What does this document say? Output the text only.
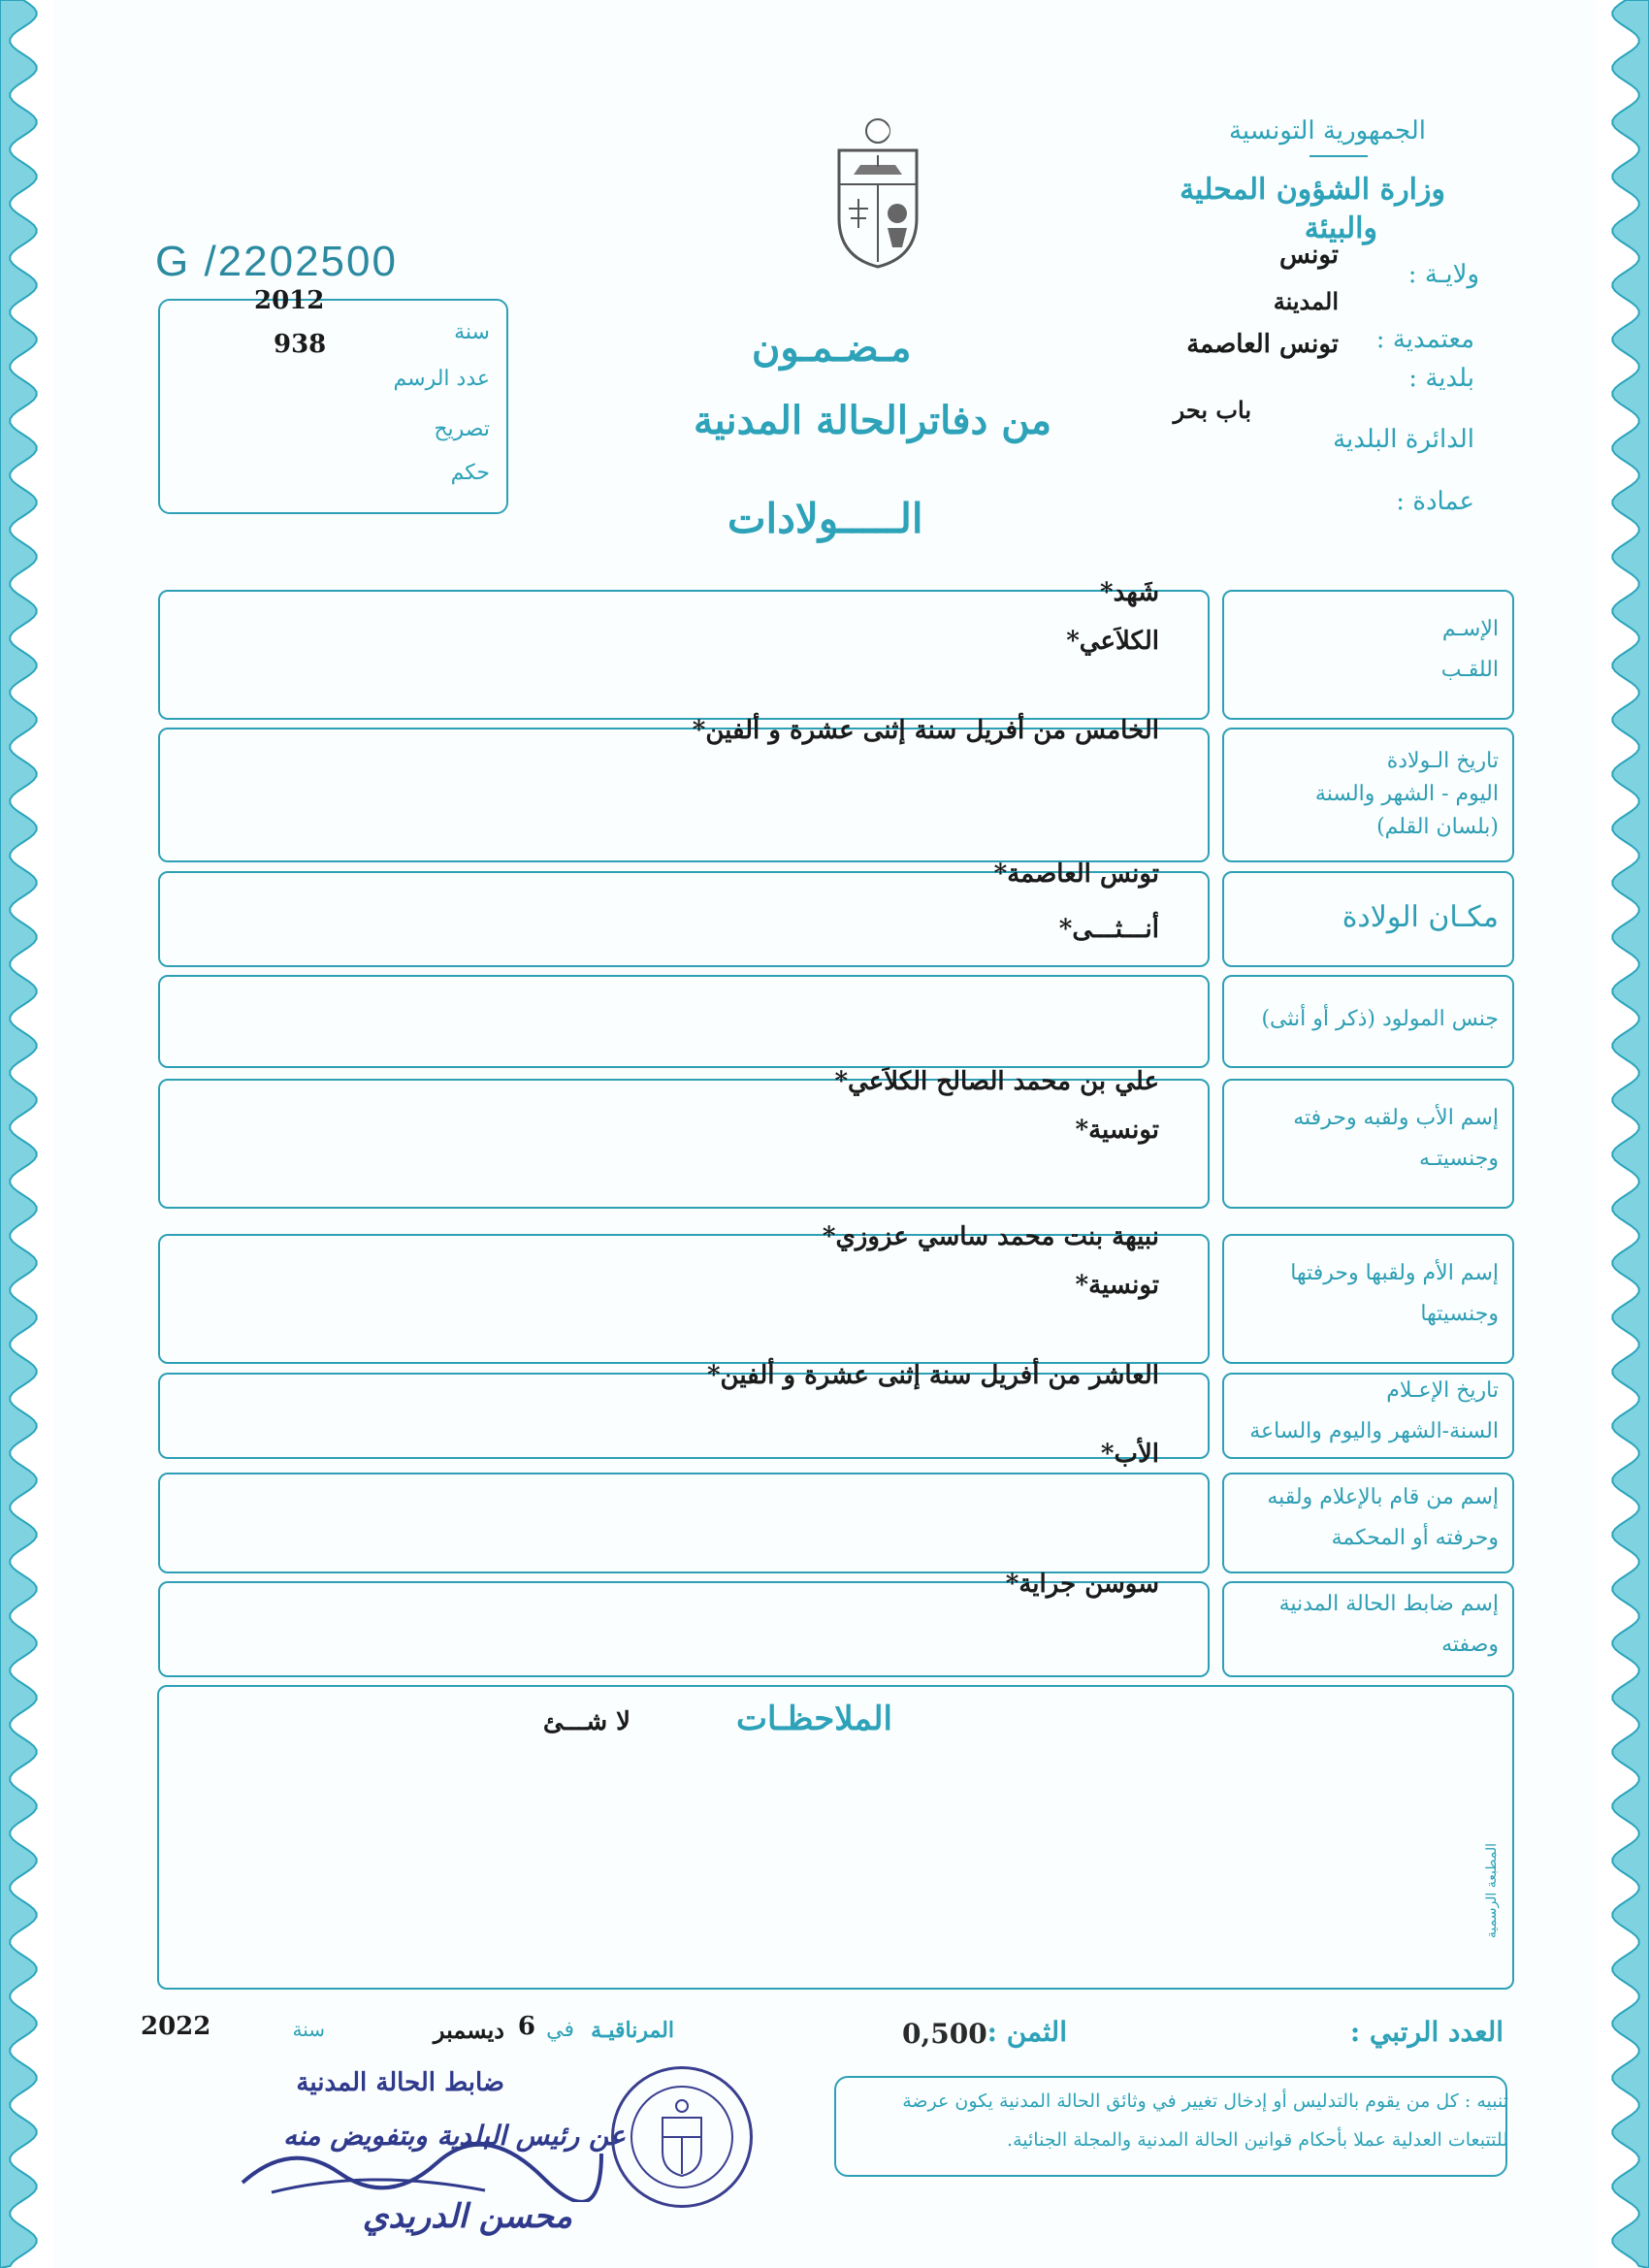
الجمهورية التونسية
وزارة الشؤون المحلية
والبيئة
ولايـة :
تونس
المدينة
معتمدية :
تونس العاصمة
بلدية :
باب بحر
الدائرة البلدية
عمادة :
G /2202500
سنة
2012
عدد الرسم
938
تصريح
حكم
مـضـمـون
من دفاترالحالة المدنية
الـــــولادات
الإسـم
اللقـب
شَهد*
الكلاَعي*
تاريخ الـولادة
اليوم - الشهر والسنة
(بلسان القلم)
الخامس من أفريل سنة إثنى عشرة و ألفين*
مكـان الولادة
تونس العاصمة*
جنس المولود (ذكر أو أنثى)
أنـــثـــى*
إسم الأب ولقبه وحرفته
وجنسيتـه
علي بن محمد الصالح الكلاَعي*
تونسية*
إسم الأم ولقبها وحرفتها
وجنسيتها
نبيهة بنت محمد ساسي عزوزي*
تونسية*
تاريخ الإعـلام
السنة-الشهر واليوم والساعة
العاشر من أفريل سنة إثنى عشرة و ألفين*
إسم من قام بالإعلام ولقبه
وحرفته أو المحكمة
الأب*
إسم ضابط الحالة المدنية
وصفته
سوسن جراية*
الملاحظـات
لا شـــئ
المطبعة الرسمية
العدد الرتبي :
الثمن :
0,500
المرناقيـة
في
6
ديسمبر
سنة
2022
تنبيه : كل من يقوم بالتدليس أو إدخال تغيير في وثائق الحالة المدنية يكون عرضة
للتتبعات العدلية عملا بأحكام قوانين الحالة المدنية والمجلة الجنائية.
ضابط الحالة المدنية
عن رئيس البلدية وبتفويض منه
محسن الدريدي
